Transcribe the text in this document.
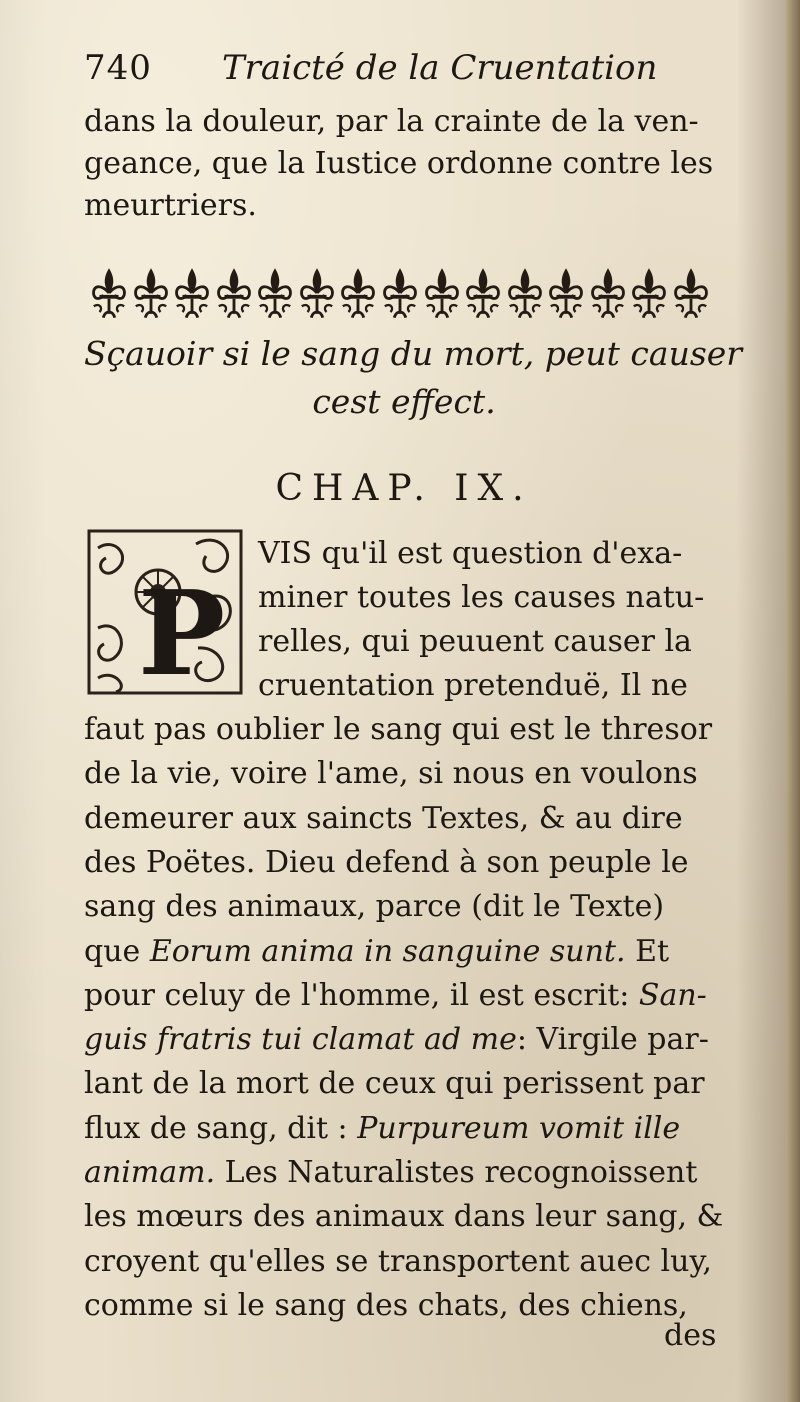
740 Traicté de la Cruentation
dans la douleur, par la crainte de la ven-
geance, que la Iustice ordonne contre les
meurtriers.
Sçauoir si le sang du mort, peut causer
cest effect.
CHAP. IX.
P
VIS qu'il est question d'exa-
miner toutes les causes natu-
relles, qui peuuent causer la
cruentation pretenduë, Il ne
faut pas oublier le sang qui est le thresor
de la vie, voire l'ame, si nous en voulons
demeurer aux saincts Textes, & au dire
des Poëtes. Dieu defend à son peuple le
sang des animaux, parce (dit le Texte)
que Eorum anima in sanguine sunt. Et
pour celuy de l'homme, il est escrit: San-
guis fratris tui clamat ad me: Virgile par-
lant de la mort de ceux qui perissent par
flux de sang, dit : Purpureum vomit ille
animam. Les Naturalistes recognoissent
les mœurs des animaux dans leur sang, &
croyent qu'elles se transportent auec luy,
comme si le sang des chats, des chiens,
des
